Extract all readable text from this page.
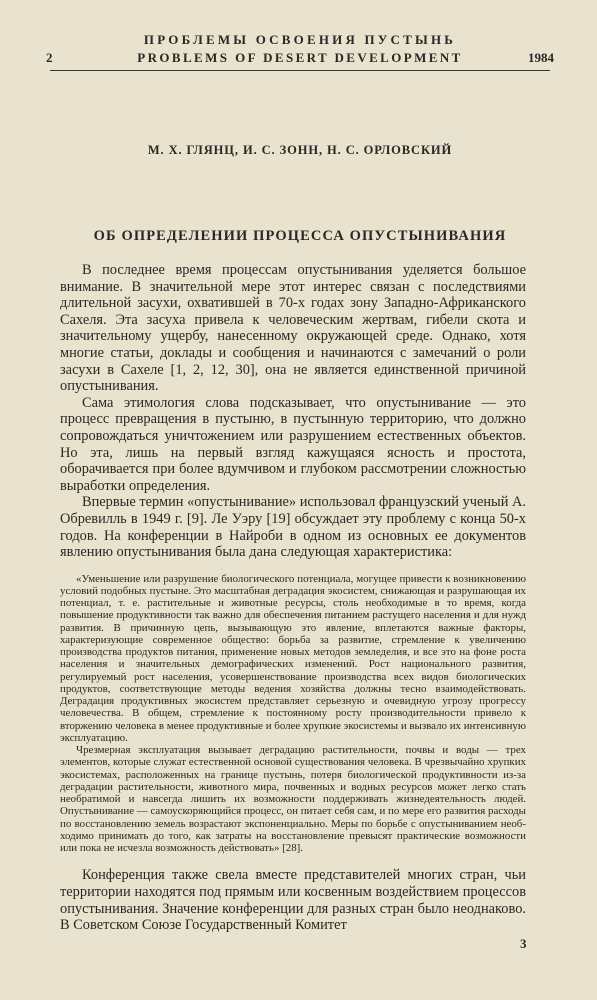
ПРОБЛЕМЫ ОСВОЕНИЯ ПУСТЫНЬ
2	PROBLEMS OF DESERT DEVELOPMENT	1984
М. Х. ГЛЯНЦ, И. С. ЗОНН, Н. С. ОРЛОВСКИЙ
ОБ ОПРЕДЕЛЕНИИ ПРОЦЕССА ОПУСТЫНИВАНИЯ

В последнее время процессам опустынивания уделяется большое внимание. В значительной мере этот интерес связан с последствиями длительной засухи, охватившей в 70-х годах зону Западно-Африканского Сахеля. Эта засуха привела к человеческим жертвам, гибели скота и значительному ущербу, нанесенному окружающей среде. Однако, хотя многие статьи, доклады и сообщения и начинаются с замечаний о роли засухи в Сахеле [1, 2, 12, 30], она не является единственной причиной опустынивания.

Сама этимология слова подсказывает, что опустынивание — это процесс превращения в пустыню, в пустынную территорию, что должно сопровождаться уничтожением или разрушением естественных объектов. Но эта, лишь на первый взгляд кажущаяся ясность и простота, оборачивается при более вдумчивом и глубоком рассмотрении сложностью выработки определения.

Впервые термин «опустынивание» использовал французский ученый А. Обревилль в 1949 г. [9]. Ле Уэру [19] обсуждает эту проблему с конца 50-х годов. На конференции в Найроби в одном из основных ее документов явлению опустынивания была дана следующая характеристика:

«Уменьшение или разрушение биологического потенциала, могущее привести к возникновению условий подобных пустыне. Это масштабная деградация экосистем, снижающая и разрушающая их потенциал, т. е. растительные и животные ресурсы, столь необходимые в то время, когда повышение продуктивности так важно для обеспечения питанием растущего населения и для нужд развития. В причинную цепь, вызывающую это явление, вплетаются важные факторы, характеризующие современное общество: борьба за развитие, стремление к увеличению производства продуктов питания, применение новых методов земледелия, и все это на фоне роста населения и значительных демографических изменений. Рост национального развития, регулируемый рост населения, усовершенствование производства всех видов биологических продуктов, соответствующие методы ведения хозяйства должны тесно взаимодействовать. Деградация продуктивных экосистем представляет серьезную и очевидную угрозу прогрессу человечества. В общем, стремление к постоянному росту производительности привело к вторжению человека в менее продуктивные и более хрупкие экосистемы и вызвало их интенсивную эксплуатацию.

Чрезмерная эксплуатация вызывает деградацию растительности, почвы и воды — трех элементов, которые служат естественной основой существования человека. В чрезвычайно хрупких экосистемах, расположенных на границе пустынь, потеря биологической продуктивности из-за деградации растительности, животного мира, почвенных и водных ресурсов может легко стать необратимой и навсегда лишить их возможности поддерживать жизнедеятельность людей. Опустынивание — самоускоряющийся процесс, он питает себя сам, и по мере его развития расходы по восстановлению земель возрастают экспоненциально. Меры по борьбе с опустыниванием необходимо принимать до того, как затраты на восстановление превысят практические возможности или пока не исчезла возможность действовать» [28].

Конференция также свела вместе представителей многих стран, чьи территории находятся под прямым или косвенным воздействием процессов опустынивания. Значение конференции для разных стран было неоднаково. В Советском Союзе Государственный Комитет

3
